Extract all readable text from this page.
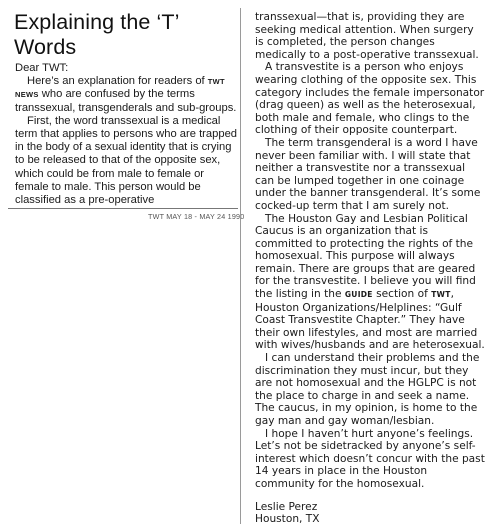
Explaining the ‘T’ Words

Dear TWT:

Here’s an explanation for readers of TWT NEWS who are confused by the terms transsexual, transgenderals and sub-groups.

First, the word transsexual is a medical term that applies to persons who are trapped in the body of a sexual identity that is crying to be released to that of the opposite sex, which could be from male to female or female to male. This person would be classified as a pre-operative

TWT MAY 18 - MAY 24 1990

transsexual—that is, providing they are seeking medical attention. When surgery is completed, the person changes medically to a post-operative transsexual.

A transvestite is a person who enjoys wearing clothing of the opposite sex. This category includes the female impersonator (drag queen) as well as the heterosexual, both male and female, who clings to the clothing of their opposite counterpart.

The term transgenderal is a word I have never been familiar with. I will state that neither a transvestite nor a transsexual can be lumped together in one coinage under the banner transgenderal. It’s some cocked-up term that I am surely not.

The Houston Gay and Lesbian Political Caucus is an organization that is committed to protecting the rights of the homosexual. This purpose will always remain. There are groups that are geared for the transvestite. I believe you will find the listing in the GUIDE section of TWT, Houston Organizations/Helplines: “Gulf Coast Transvestite Chapter.” They have their own lifestyles, and most are married with wives/husbands and are heterosexual.

I can understand their problems and the discrimination they must incur, but they are not homosexual and the HGLPC is not the place to charge in and seek a name. The caucus, in my opinion, is home to the gay man and gay woman/lesbian.

I hope I haven’t hurt anyone’s feelings. Let’s not be sidetracked by anyone’s self-interest which doesn’t concur with the past 14 years in place in the Houston community for the homosexual.

Leslie Perez
Houston, TX
